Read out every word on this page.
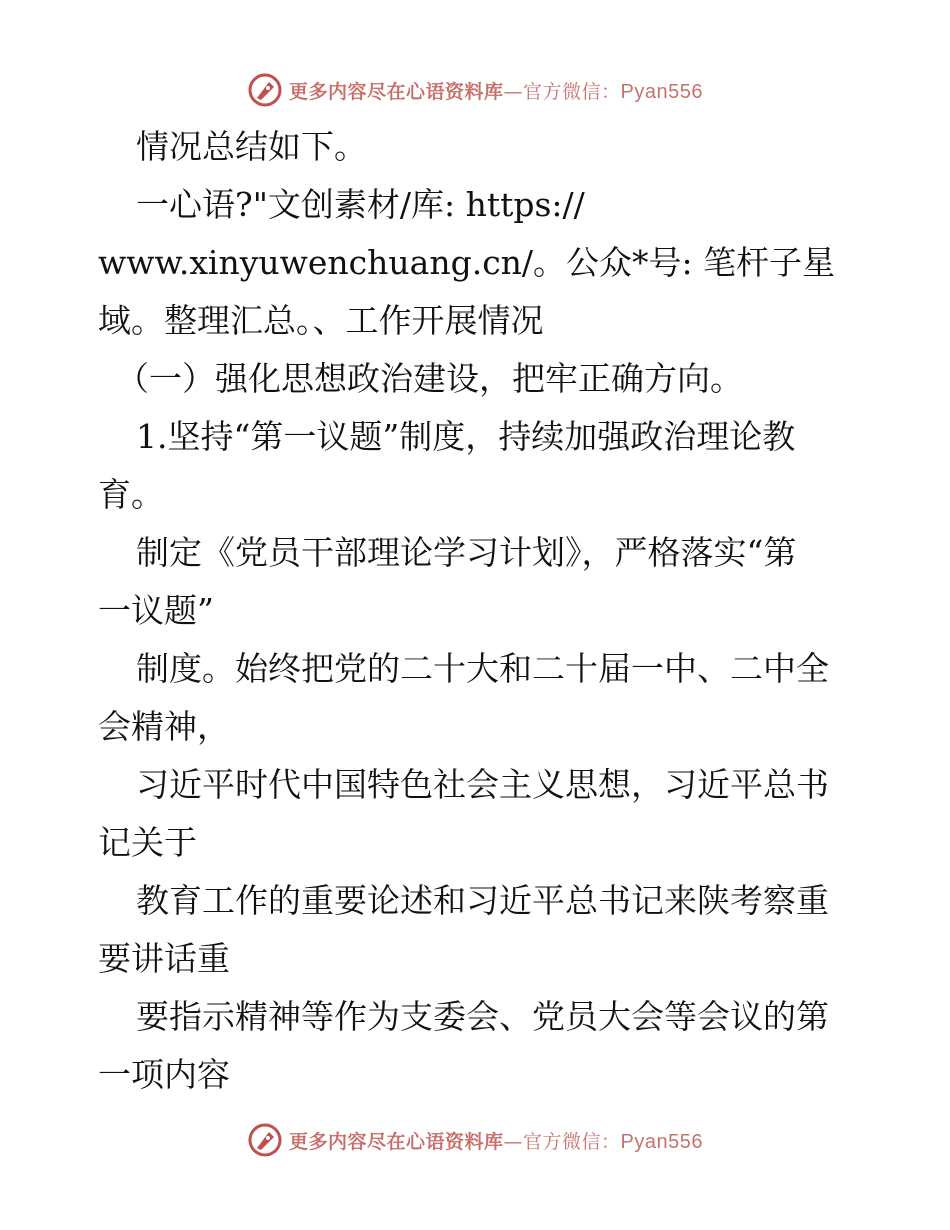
更多内容尽在心语资料库—官方微信：Pyan556
情况总结如下。
一心语?"文创素材/库: https://
www.xinyuwenchuang.cn/。公众*号: 笔杆子星
域。整理汇总。、工作开展情况
（一）强化思想政治建设，把牢正确方向。
1.坚持“第一议题”制度，持续加强政治理论教
育。
制定《党员干部理论学习计划》，严格落实“第
一议题”
制度。始终把党的二十大和二十届一中、二中全
会精神，
习近平时代中国特色社会主义思想，习近平总书
记关于
教育工作的重要论述和习近平总书记来陕考察重
要讲话重
要指示精神等作为支委会、党员大会等会议的第
一项内容
更多内容尽在心语资料库—官方微信：Pyan556
